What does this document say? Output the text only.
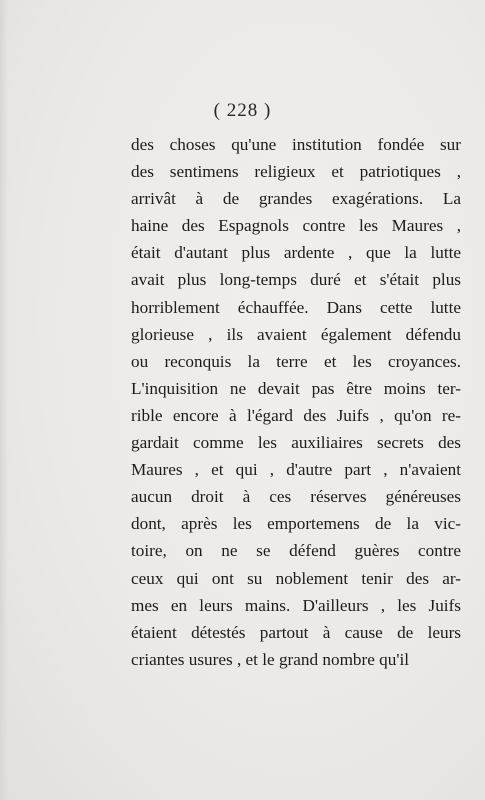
( 228 )
des choses qu'une institution fondée sur
des sentimens religieux et patriotiques ,
arrivât à de grandes exagérations. La
haine des Espagnols contre les Maures ,
était d'autant plus ardente , que la lutte
avait plus long-temps duré et s'était plus
horriblement échauffée. Dans cette lutte
glorieuse , ils avaient également défendu
ou reconquis la terre et les croyances.
L'inquisition ne devait pas être moins ter-
rible encore à l'égard des Juifs , qu'on re-
gardait comme les auxiliaires secrets des
Maures , et qui , d'autre part , n'avaient
aucun droit à ces réserves généreuses
dont, après les emportemens de la vic-
toire, on ne se défend guères contre
ceux qui ont su noblement tenir des ar-
mes en leurs mains. D'ailleurs , les Juifs
étaient détestés partout à cause de leurs
criantes usures , et le grand nombre qu'il
